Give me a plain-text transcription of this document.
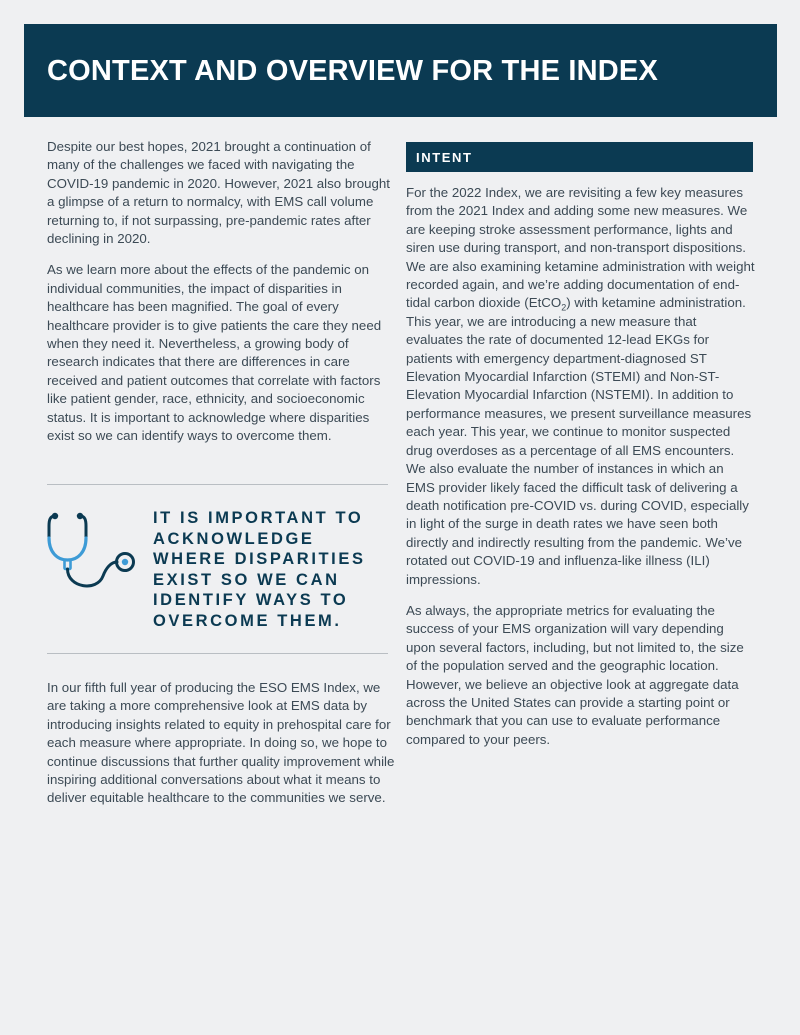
CONTEXT AND OVERVIEW FOR THE INDEX

Despite our best hopes, 2021 brought a continuation of many of the challenges we faced with navigating the COVID-19 pandemic in 2020. However, 2021 also brought a glimpse of a return to normalcy, with EMS call volume returning to, if not surpassing, pre-pandemic rates after declining in 2020.

As we learn more about the effects of the pandemic on individual communities, the impact of disparities in healthcare has been magnified. The goal of every healthcare provider is to give patients the care they need when they need it. Nevertheless, a growing body of research indicates that there are differences in care received and patient outcomes that correlate with factors like patient gender, race, ethnicity, and socioeconomic status. It is important to acknowledge where disparities exist so we can identify ways to overcome them.

IT IS IMPORTANT TO ACKNOWLEDGE WHERE DISPARITIES EXIST SO WE CAN IDENTIFY WAYS TO OVERCOME THEM.

In our fifth full year of producing the ESO EMS Index, we are taking a more comprehensive look at EMS data by introducing insights related to equity in prehospital care for each measure where appropriate. In doing so, we hope to continue discussions that further quality improvement while inspiring additional conversations about what it means to deliver equitable healthcare to the communities we serve.

INTENT

For the 2022 Index, we are revisiting a few key measures from the 2021 Index and adding some new measures. We are keeping stroke assessment performance, lights and siren use during transport, and non-transport dispositions. We are also examining ketamine administration with weight recorded again, and we’re adding documentation of end-tidal carbon dioxide (EtCO$_2$) with ketamine administration. This year, we are introducing a new measure that evaluates the rate of documented 12-lead EKGs for patients with emergency department-diagnosed ST Elevation Myocardial Infarction (STEMI) and Non-ST-Elevation Myocardial Infarction (NSTEMI). In addition to performance measures, we present surveillance measures each year. This year, we continue to monitor suspected drug overdoses as a percentage of all EMS encounters. We also evaluate the number of instances in which an EMS provider likely faced the difficult task of delivering a death notification pre-COVID vs. during COVID, especially in light of the surge in death rates we have seen both directly and indirectly resulting from the pandemic. We’ve rotated out COVID-19 and influenza-like illness (ILI) impressions.

As always, the appropriate metrics for evaluating the success of your EMS organization will vary depending upon several factors, including, but not limited to, the size of the population served and the geographic location. However, we believe an objective look at aggregate data across the United States can provide a starting point or benchmark that you can use to evaluate performance compared to your peers.
